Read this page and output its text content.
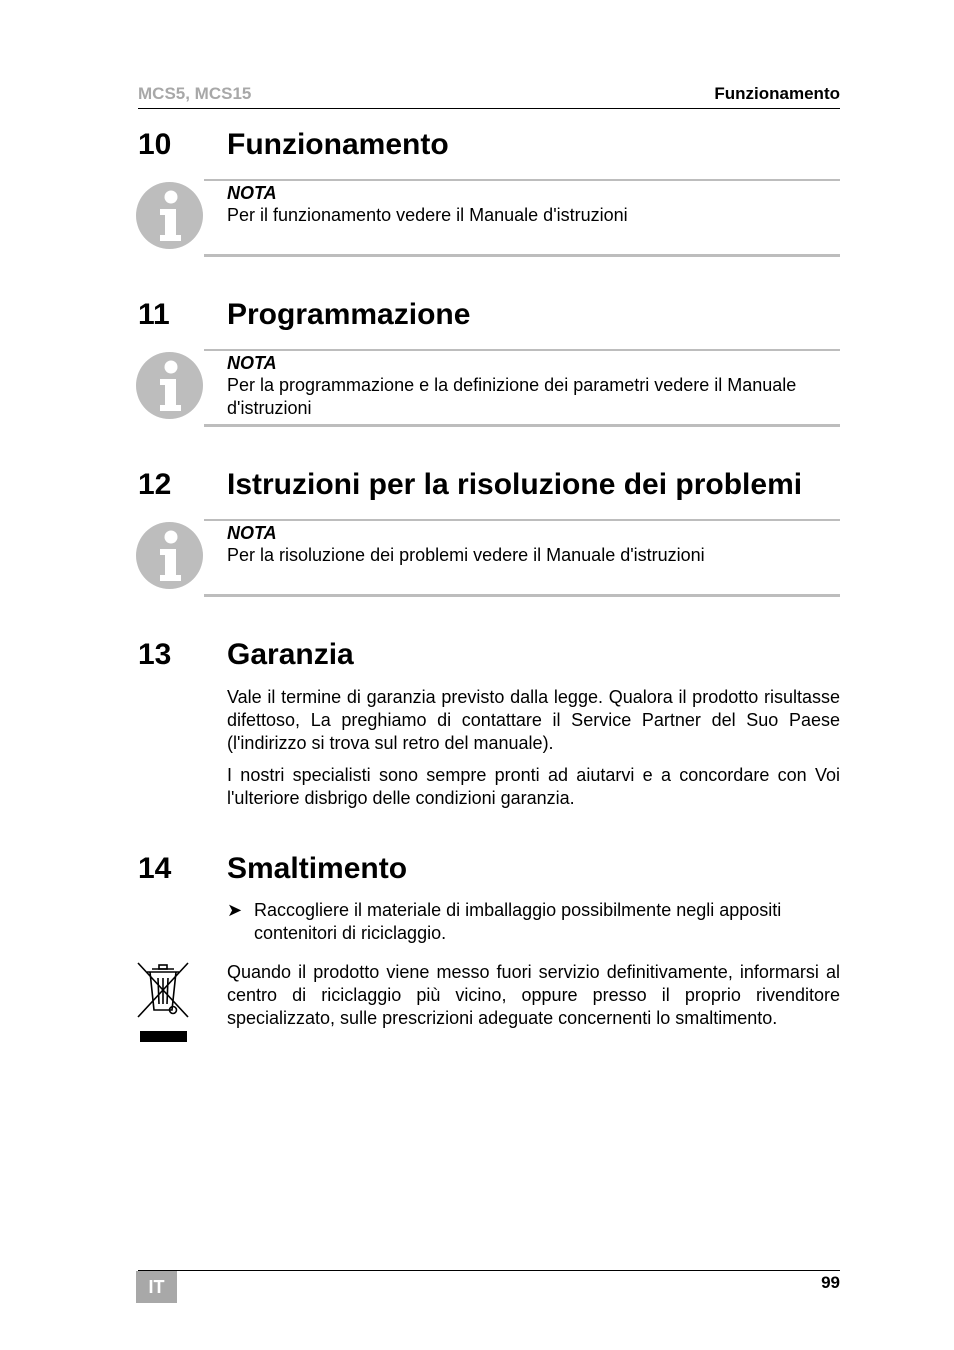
MCS5, MCS15	Funzionamento
10 Funzionamento
NOTA
Per il funzionamento vedere il Manuale d'istruzioni
11 Programmazione
NOTA
Per la programmazione e la definizione dei parametri vedere il Manuale d'istruzioni
12 Istruzioni per la risoluzione dei problemi
NOTA
Per la risoluzione dei problemi vedere il Manuale d'istruzioni
13 Garanzia
Vale il termine di garanzia previsto dalla legge. Qualora il prodotto risultasse difettoso, La preghiamo di contattare il Service Partner del Suo Paese (l'indirizzo si trova sul retro del manuale).
I nostri specialisti sono sempre pronti ad aiutarvi e a concordare con Voi l'ulteriore disbrigo delle condizioni garanzia.
14 Smaltimento
➤ Raccogliere il materiale di imballaggio possibilmente negli appositi contenitori di riciclaggio.
Quando il prodotto viene messo fuori servizio definitivamente, informarsi al centro di riciclaggio più vicino, oppure presso il proprio rivenditore specializzato, sulle prescrizioni adeguate concernenti lo smaltimento.
IT	99
